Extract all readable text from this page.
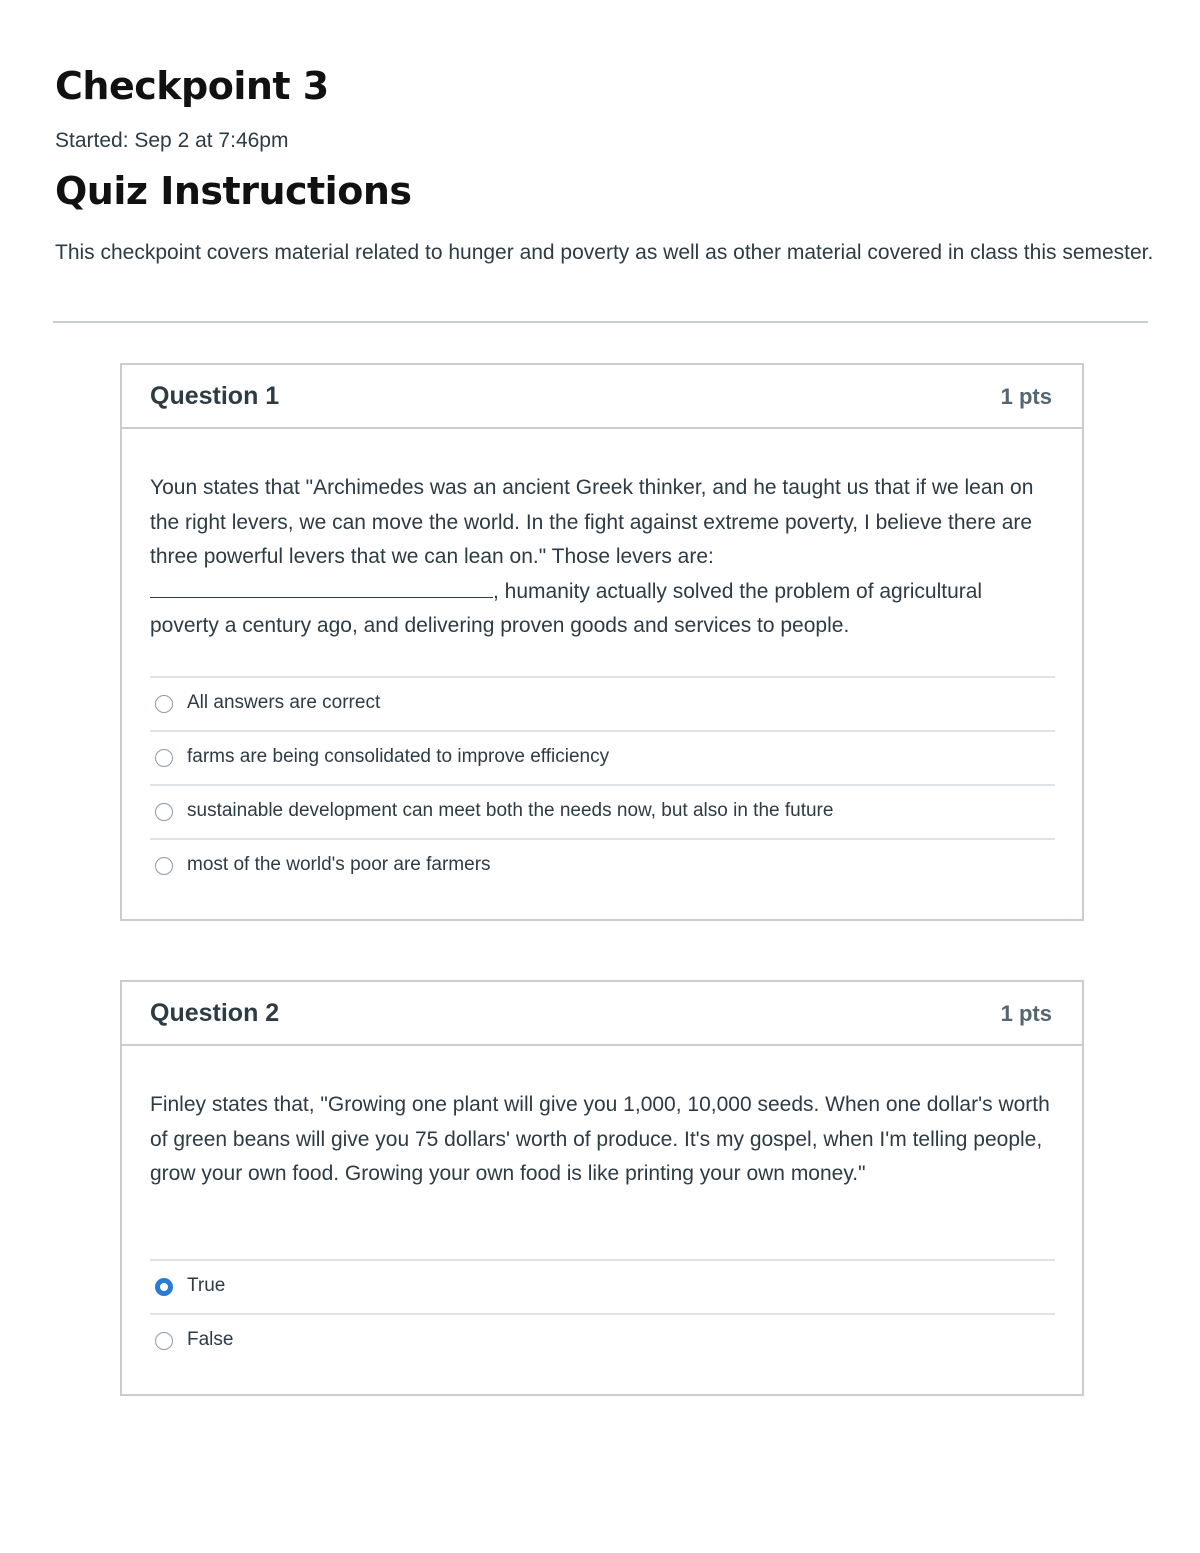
Checkpoint 3
Started: Sep 2 at 7:46pm
Quiz Instructions
This checkpoint covers material related to hunger and poverty as well as other material covered in class this semester.
Question 1	1 pts
Youn states that "Archimedes was an ancient Greek thinker, and he taught us that if we lean on the right levers, we can move the world. In the fight against extreme poverty, I believe there are three powerful levers that we can lean on." Those levers are: , humanity actually solved the problem of agricultural poverty a century ago, and delivering proven goods and services to people.
All answers are correct
farms are being consolidated to improve efficiency
sustainable development can meet both the needs now, but also in the future
most of the world's poor are farmers
Question 2	1 pts
Finley states that, "Growing one plant will give you 1,000, 10,000 seeds. When one dollar's worth of green beans will give you 75 dollars' worth of produce. It's my gospel, when I'm telling people, grow your own food. Growing your own food is like printing your own money."
True
False
